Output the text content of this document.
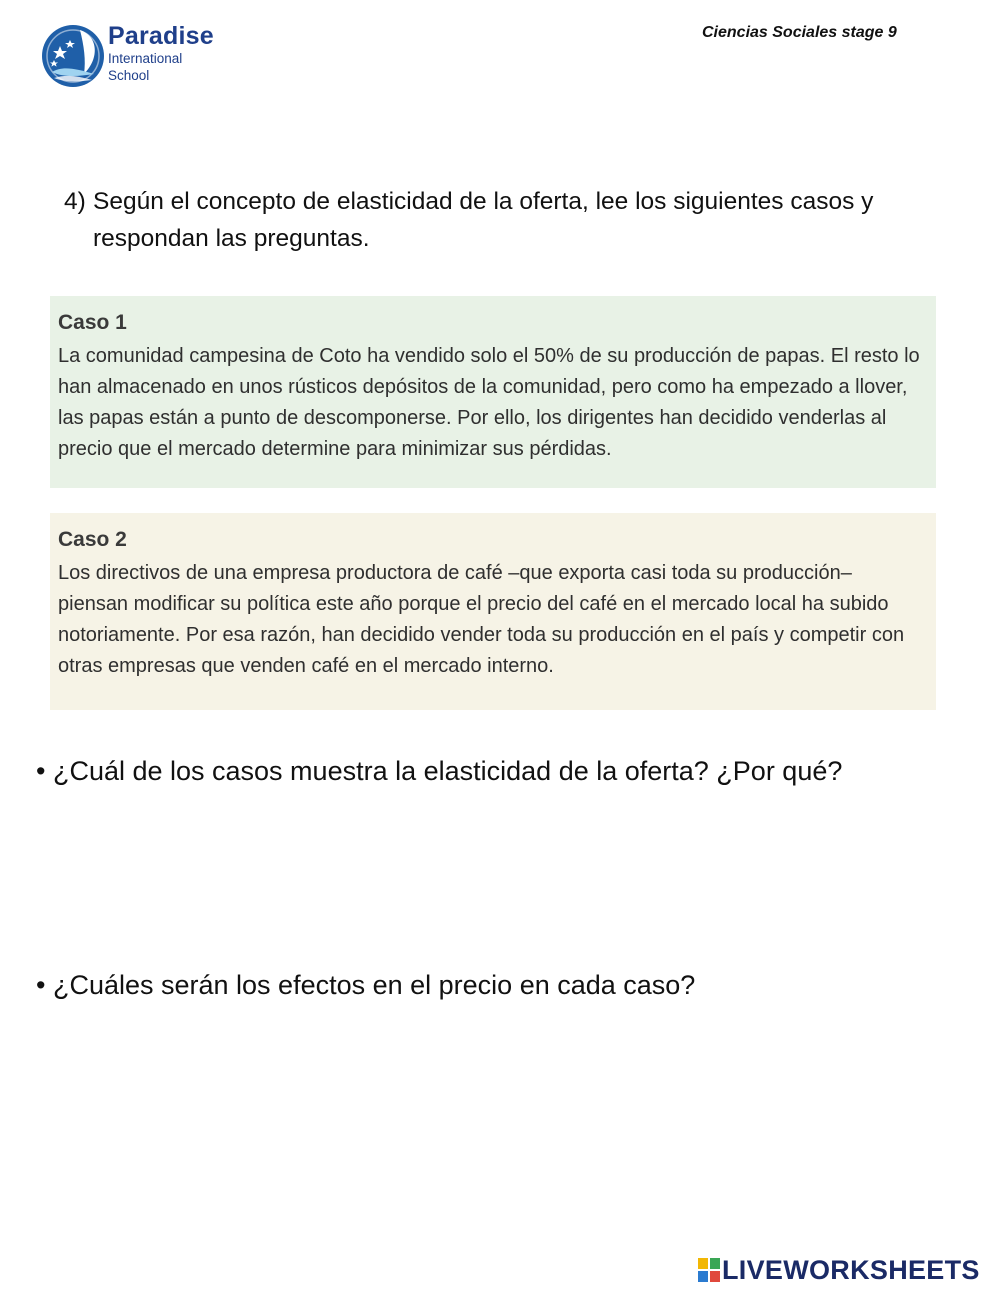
Paradise
International
School
Ciencias Sociales stage 9
4) Según el concepto de elasticidad de la oferta, lee los siguientes casos y respondan las preguntas.
Caso 1
La comunidad campesina de Coto ha vendido solo el 50% de su producción de papas. El resto lo han almacenado en unos rústicos depósitos de la comunidad, pero como ha empezado a llover, las papas están a punto de descomponerse. Por ello, los dirigentes han decidido venderlas al precio que el mercado determine para minimizar sus pérdidas.
Caso 2
Los directivos de una empresa productora de café –que exporta casi toda su producción– piensan modificar su política este año porque el precio del café en el mercado local ha subido notoriamente. Por esa razón, han decidido vender toda su producción en el país y competir con otras empresas que venden café en el mercado interno.
• ¿Cuál de los casos muestra la elasticidad de la oferta? ¿Por qué?
• ¿Cuáles serán los efectos en el precio en cada caso?
LIVEWORKSHEETS
